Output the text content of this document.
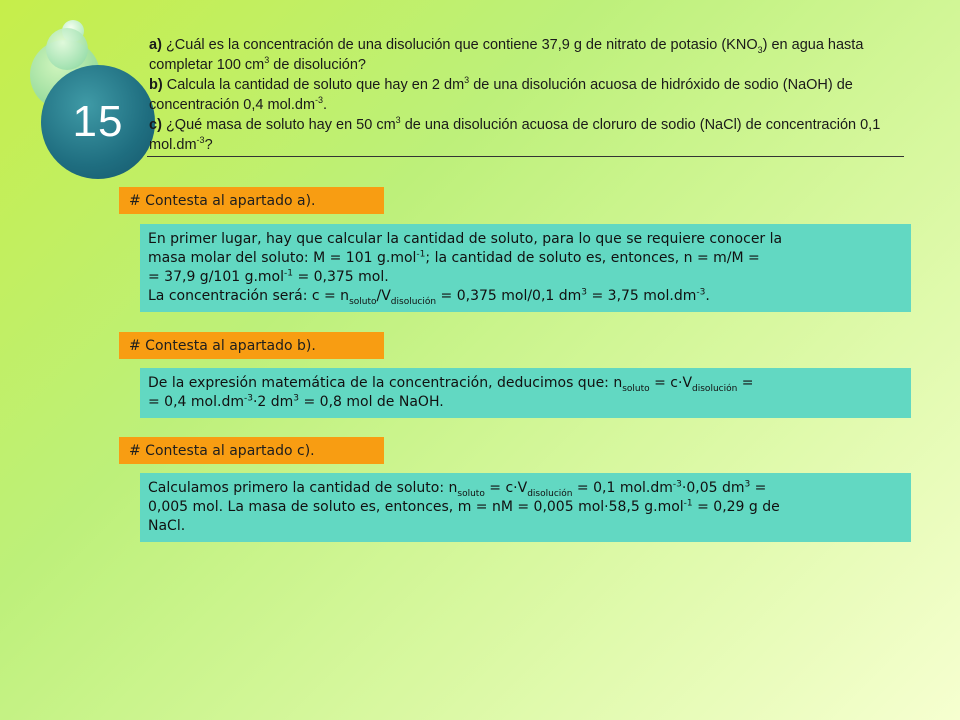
15
a) ¿Cuál es la concentración de una disolución que contiene 37,9 g de nitrato de potasio $(KNO_3)$ en agua hasta completar 100 $cm^3$ de disolución?
b) Calcula la cantidad de soluto que hay en 2 $dm^3$ de una disolución acuosa de hidróxido de sodio (NaOH) de concentración 0,4 $mol.dm^{-3}$.
c) ¿Qué masa de soluto hay en 50 $cm^3$ de una disolución acuosa de cloruro de sodio (NaCl) de concentración 0,1 $mol.dm^{-3}$?
# Contesta al apartado a).
En primer lugar, hay que calcular la cantidad de soluto, para lo que se requiere conocer la
masa molar del soluto: M = 101 g.mol$^{-1}$; la cantidad de soluto es, entonces, n = m/M =
= 37,9 g/101 g.mol$^{-1}$ = 0,375 mol.
La concentración será: $c = n_{soluto}/V_{disolución} = 0,375$ mol/0,1 $dm^3 = 3,75$ $mol.dm^{-3}$.
# Contesta al apartado b).
De la expresión matemática de la concentración, deducimos que: $n_{soluto} = c\cdot V_{disolución}$ =
= 0,4 $mol.dm^{-3}\cdot 2$ $dm^3 = 0,8$ mol de NaOH.
# Contesta al apartado c).
Calculamos primero la cantidad de soluto: $n_{soluto} = c\cdot V_{disolución} = 0,1$ $mol.dm^{-3}\cdot 0,05$ $dm^3$ =
0,005 mol. La masa de soluto es, entonces, m = nM = 0,005 mol·58,5 g.mol$^{-1}$ = 0,29 g de
NaCl.
